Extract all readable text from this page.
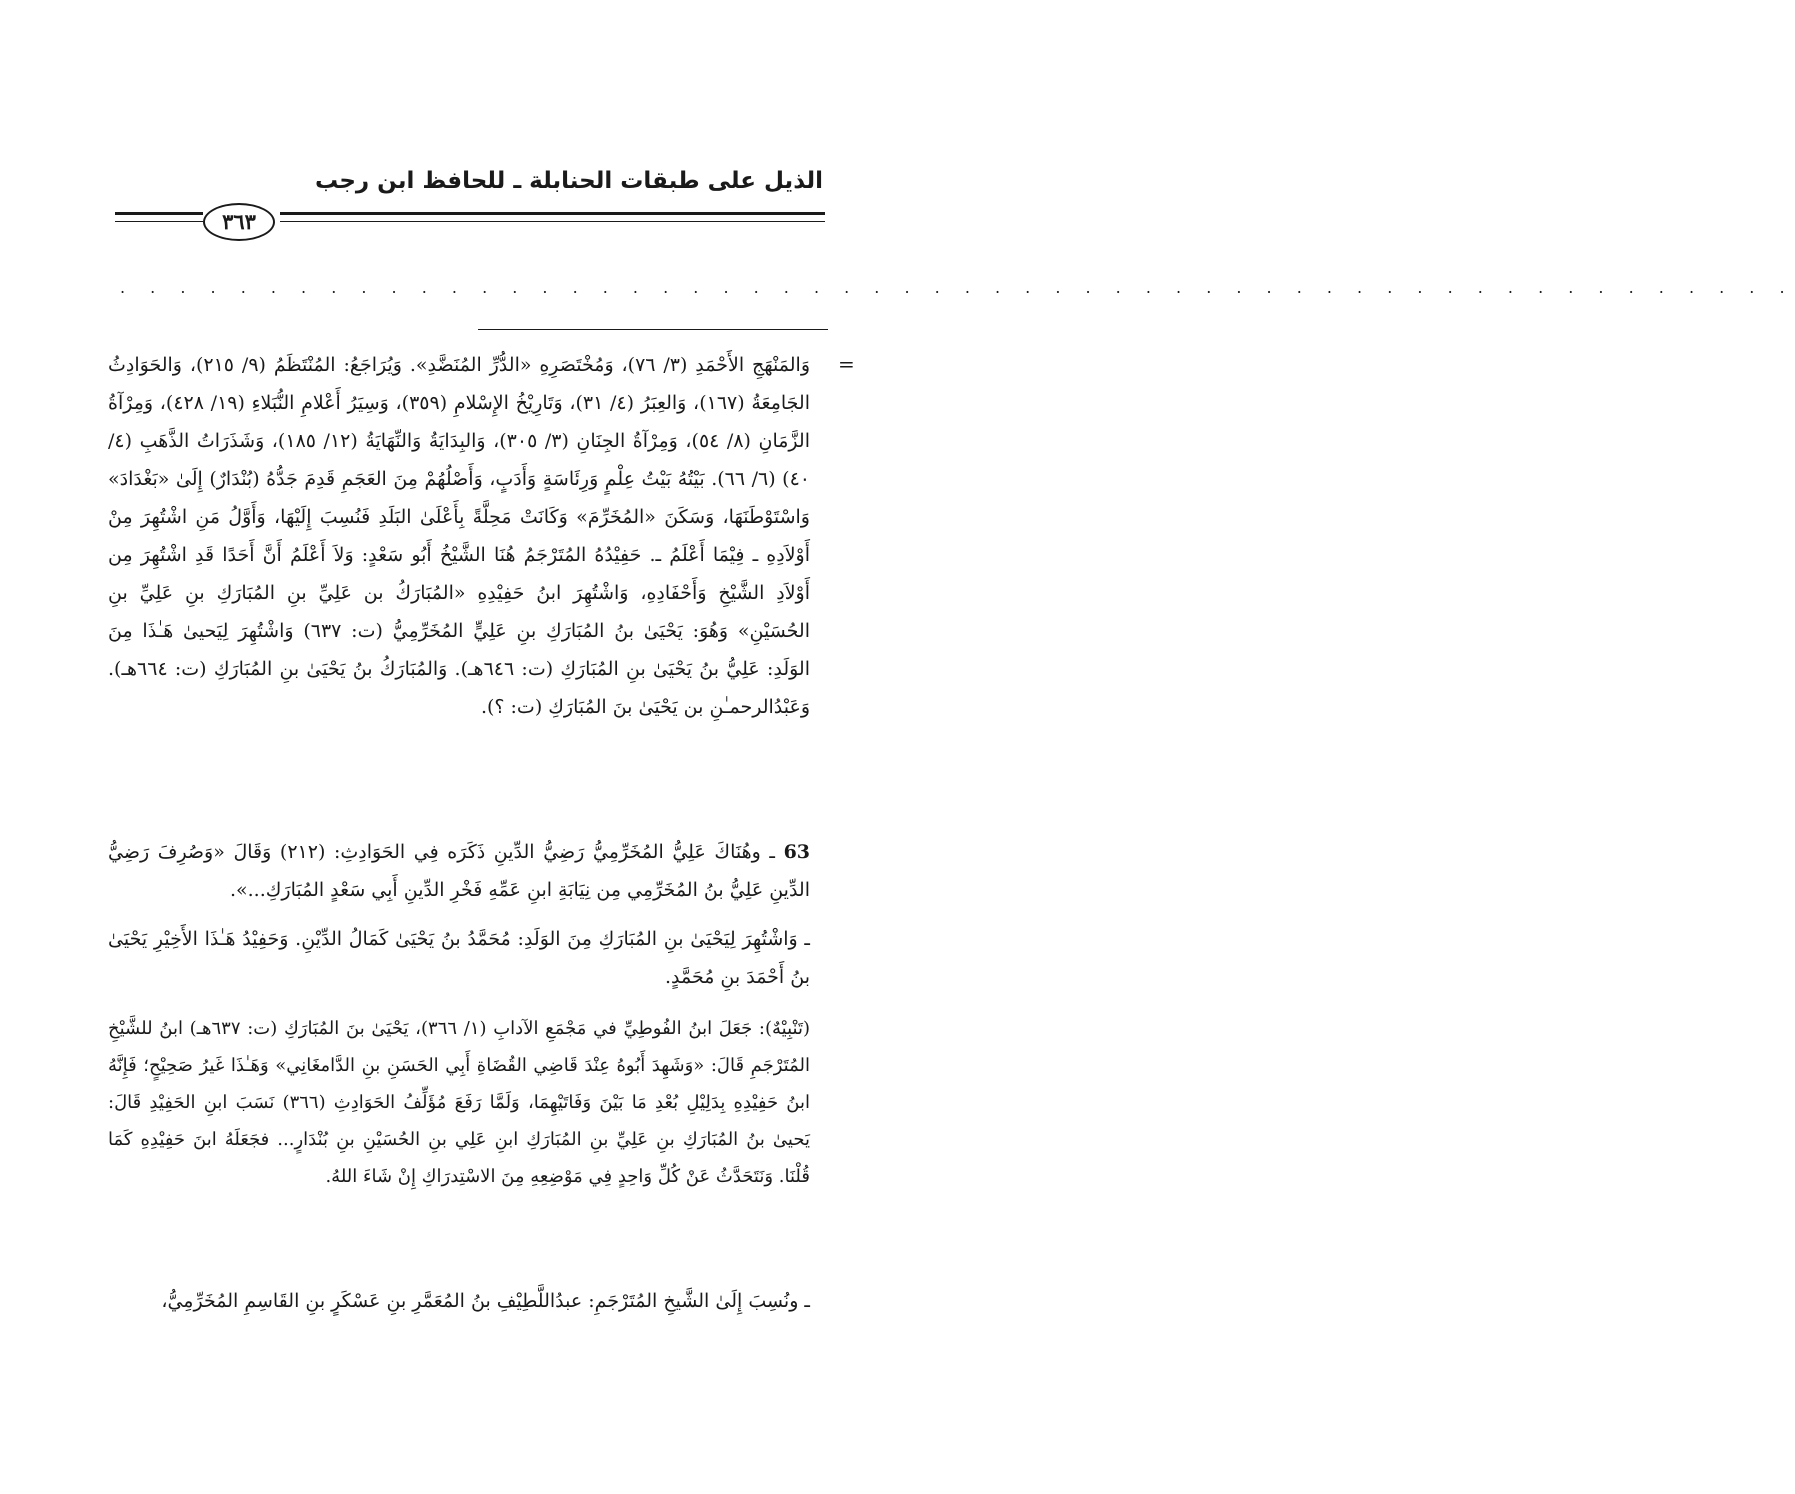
الذيل على طبقات الحنابلة ـ للحافظ ابن رجب
٣٦٣
. . . . . . . . . . . . . . . . . . . . . . . . . . . . . . . . . . . . . . . . . . . . . . . . . . . . . . . .
=
وَالمَنْهَجِ الأَحْمَدِ (٣/ ٧٦)، وَمُخْتَصَرِهِ «الدُّرِّ المُنَضَّدِ». وَيُرَاجَعُ: المُنْتَظَمُ (٩/ ٢١٥)، وَالحَوَادِثُ الجَامِعَةُ (١٦٧)، وَالعِبَرُ (٤/ ٣١)، وَتَارِيْخُ الإِسْلامِ (٣٥٩)، وَسِيَرُ أَعْلامِ النُّبَلاءِ (١٩/ ٤٢٨)، وَمِرْآةُ الزَّمَانِ (٨/ ٥٤)، وَمِرْآةُ الجِنَانِ (٣/ ٣٠٥)، وَالبِدَايَةُ وَالنِّهَايَةُ (١٢/ ١٨٥)، وَشَذَرَاتُ الذَّهَبِ (٤/ ٤٠) (٦/ ٦٦). بَيْتُهُ بَيْتُ عِلْمٍ وَرِئَاسَةٍ وَأَدَبٍ، وَأَصْلُهُمْ مِنَ العَجَمِ قَدِمَ جَدُّهُ (بُنْدَارٌ) إِلَىٰ «بَغْدَادَ» وَاسْتَوْطَنَهَا، وَسَكَنَ «المُخَرِّمَ» وَكَانَتْ مَحِلَّةً بِأَعْلَىٰ البَلَدِ فَنُسِبَ إِلَيْهَا، وَأَوَّلُ مَنِ اشْتُهِرَ مِنْ أَوْلاَدِهِ ـ فِيْمَا أَعْلَمُ ـ. حَفِيْدُهُ المُتَرْجَمُ هُنَا الشَّيْخُ أَبُو سَعْدٍ: وَلاَ أَعْلَمُ أَنَّ أَحَدًا قَدِ اشْتُهِرَ مِن أَوْلاَدِ الشَّيْخِ وَأَحْفَادِهِ، وَاشْتُهِرَ ابنُ حَفِيْدِهِ «المُبَارَكُ بن عَلِيِّ بنِ المُبَارَكِ بنِ عَلِيِّ بنِ الحُسَيْنِ» وَهُوَ: يَحْيَىٰ بنُ المُبَارَكِ بنِ عَلِيٍّ المُخَرِّمِيُّ (ت: ٦٣٧) وَاشْتُهِرَ لِيَحيىٰ هَـٰذَا مِنَ الوَلَدِ: عَلِيُّ بنُ يَحْيَىٰ بنِ المُبَارَكِ (ت: ٦٤٦هـ). وَالمُبَارَكُ بنُ يَحْيَىٰ بنِ المُبَارَكِ (ت: ٦٦٤هـ). وَعَبْدُالرحمـٰنِ بن يَحْيَىٰ بنَ المُبَارَكِ (ت: ؟).
63 ـ وهُنَاكَ عَلِيُّ المُخَرِّمِيُّ رَضِيُّ الدِّينِ ذَكَرَه فِي الحَوَادِثِ: (٢١٢) وَقَالَ «وَصُرِفَ رَضِيُّ الدِّينِ عَلِيُّ بنُ المُخَرِّمِي مِن نِيَابَةِ ابنِ عَمِّهِ فَخْرِ الدِّينِ أَبِي سَعْدٍ المُبَارَكِ...».
ـ وَاشْتُهِرَ لِيَحْيَىٰ بنِ المُبَارَكِ مِنَ الوَلَدِ: مُحَمَّدُ بنُ يَحْيَىٰ كَمَالُ الدِّيْنِ. وَحَفِيْدُ هَـٰذَا الأَخِيْرِ يَحْيَىٰ بنُ أَحْمَدَ بنِ مُحَمَّدٍ.
(تَنْبِيْهٌ): جَعَلَ ابنُ الفُوطِيِّ في مَجْمَعِ الآدابِ (١/ ٣٦٦)، يَحْيَىٰ بنَ المُبَارَكِ (ت: ٦٣٧هـ) ابنُ للشَّيْخِ المُتَرْجَمِ قَالَ: «وَشَهِدَ أَبُوهُ عِنْدَ قَاضِي القُضَاةِ أَبِي الحَسَنِ بنِ الدَّامغَانِي» وَهَـٰذَا غَيرُ صَحِيْحٍ؛ فَإِنَّهُ ابنُ حَفِيْدِهِ بِدَلِيْلِ بُعْدِ مَا بَيْنَ وَفَاتَيْهِمَا، وَلَمَّا رَفَعَ مُؤَلِّفُ الحَوَادِثِ (٣٦٦) نَسَبَ ابنِ الحَفِيْدِ قَالَ: يَحيىٰ بنُ المُبَارَكِ بنِ عَلِيِّ بنِ المُبَارَكِ ابنِ عَلِي بنِ الحُسَيْنِ بنِ بُنْدَارٍ... فجَعَلَهُ ابنَ حَفِيْدِهِ كَمَا قُلْنَا. وَنَتَحَدَّثُ عَنْ كُلِّ وَاحِدٍ فِي مَوْضِعِهِ مِنَ الاسْتِدرَاكِ إِنْ شَاءَ اللهُ.
ـ ونُسِبَ إِلَىٰ الشَّيخِ المُتَرْجَمِ: عبدُاللَّطِيْفِ بنُ المُعَمَّرِ بنِ عَسْكَرٍ بنِ القَاسِمِ المُخَرِّمِيُّ،
